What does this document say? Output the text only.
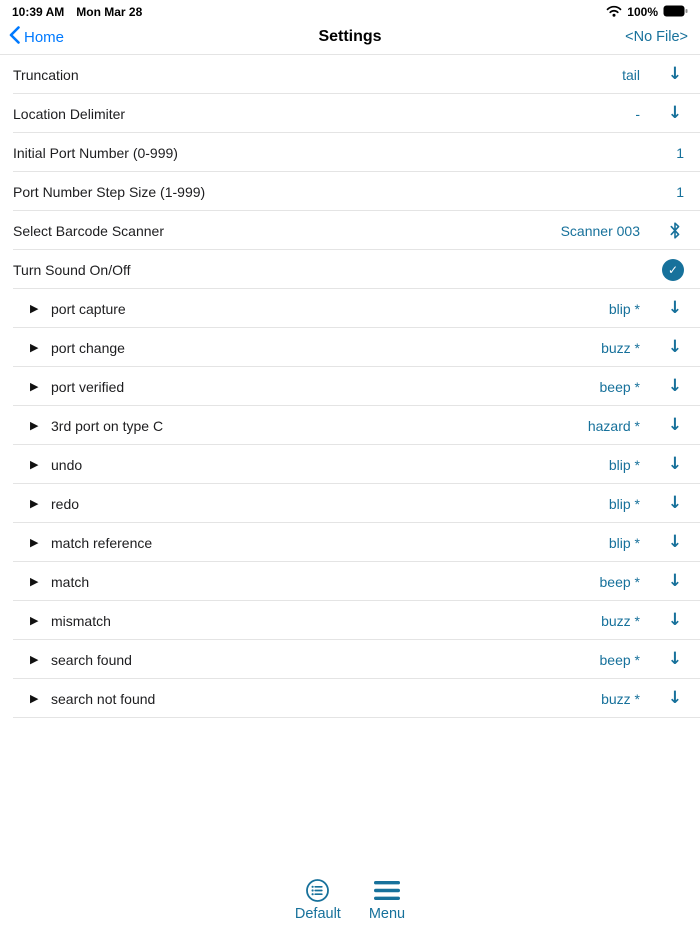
10:39 AM Mon Mar 28	100%
Home	Settings	<No File>
Truncation	tail ↓
Location Delimiter	- ↓
Initial Port Number (0-999)	1
Port Number Step Size (1-999)	1
Select Barcode Scanner	Scanner 003
Turn Sound On/Off	✓
▶ port capture	blip * ↓
▶ port change	buzz * ↓
▶ port verified	beep * ↓
▶ 3rd port on type C	hazard * ↓
▶ undo	blip * ↓
▶ redo	blip * ↓
▶ match reference	blip * ↓
▶ match	beep * ↓
▶ mismatch	buzz * ↓
▶ search found	beep * ↓
▶ search not found	buzz * ↓
Default Menu
